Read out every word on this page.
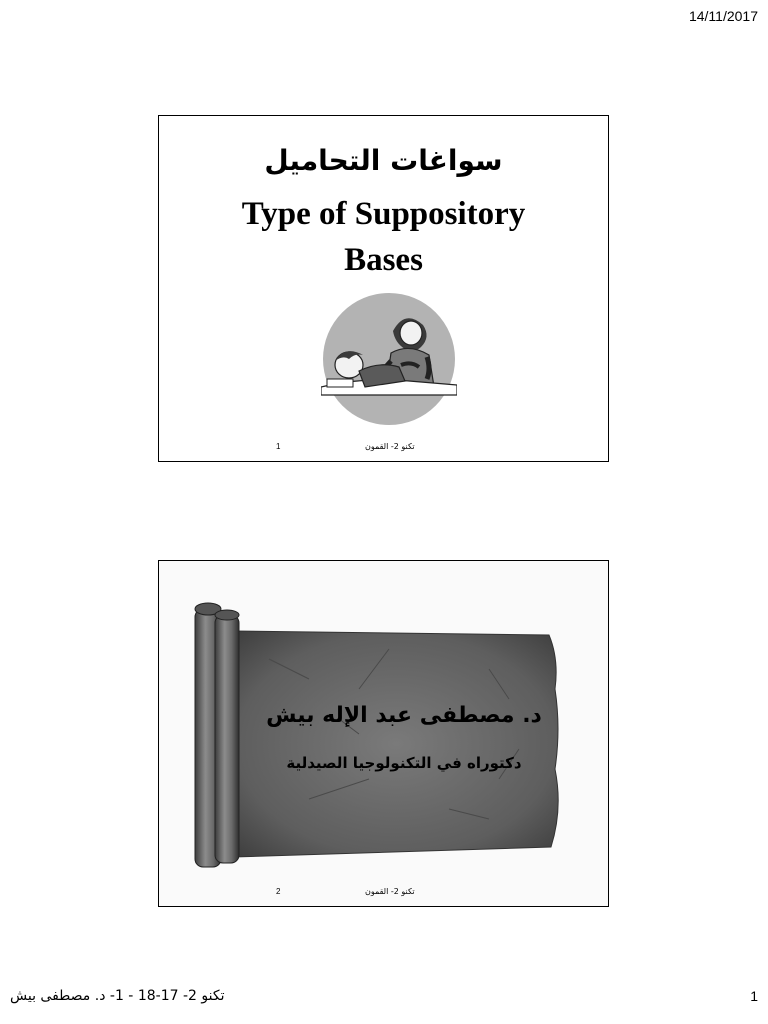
14/11/2017
سواغات التحاميل
Type of Suppository Bases
1	تكنو 2- القمون
د. مصطفى عبد الإله بيش
دكتوراه في التكنولوجيا الصيدلية
2	تكنو 2- القمون
تكنو 2- 17-18 - 1- د. مصطفى بيش	1
